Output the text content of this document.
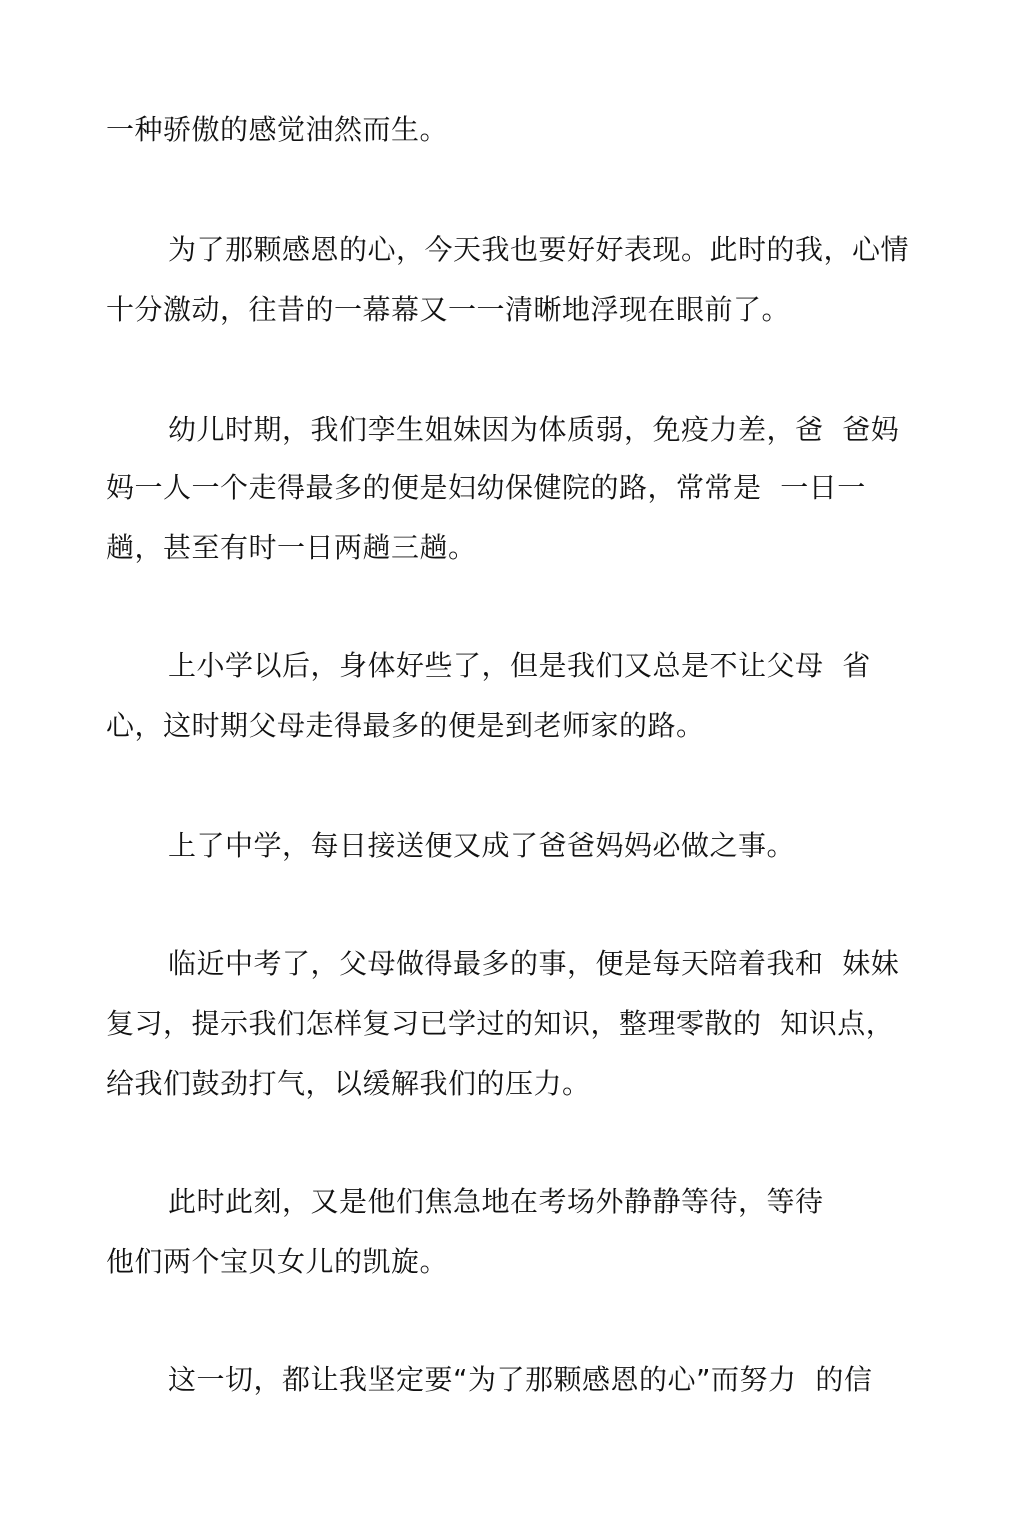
一种骄傲的感觉油然而生。
为了那颗感恩的心，今天我也要好好表现。此时的我，心情
十分激动，往昔的一幕幕又一一清晰地浮现在眼前了。
幼儿时期，我们孪生姐妹因为体质弱，免疫力差，爸  爸妈
妈一人一个走得最多的便是妇幼保健院的路，常常是  一日一
趟，甚至有时一日两趟三趟。
上小学以后，身体好些了，但是我们又总是不让父母  省
心，这时期父母走得最多的便是到老师家的路。
上了中学，每日接送便又成了爸爸妈妈必做之事。
临近中考了，父母做得最多的事，便是每天陪着我和  妹妹
复习，提示我们怎样复习已学过的知识，整理零散的  知识点，
给我们鼓劲打气，以缓解我们的压力。
此时此刻，又是他们焦急地在考场外静静等待，等待
他们两个宝贝女儿的凯旋。
这一切，都让我坚定要“为了那颗感恩的心”而努力  的信
